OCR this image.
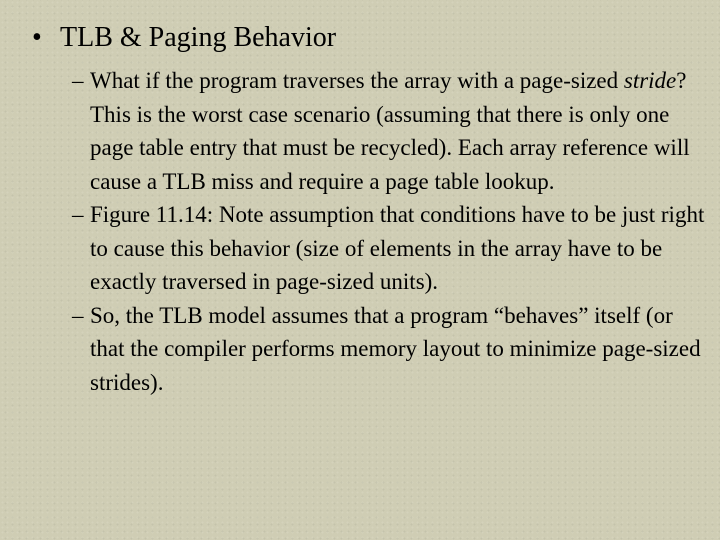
• TLB & Paging Behavior
– What if the program traverses the array with a page-sized stride? This is the worst case scenario (assuming that there is only one page table entry that must be recycled). Each array reference will cause a TLB miss and require a page table lookup.
– Figure 11.14: Note assumption that conditions have to be just right to cause this behavior (size of elements in the array have to be exactly traversed in page-sized units).
– So, the TLB model assumes that a program “behaves” itself (or that the compiler performs memory layout to minimize page-sized strides).
